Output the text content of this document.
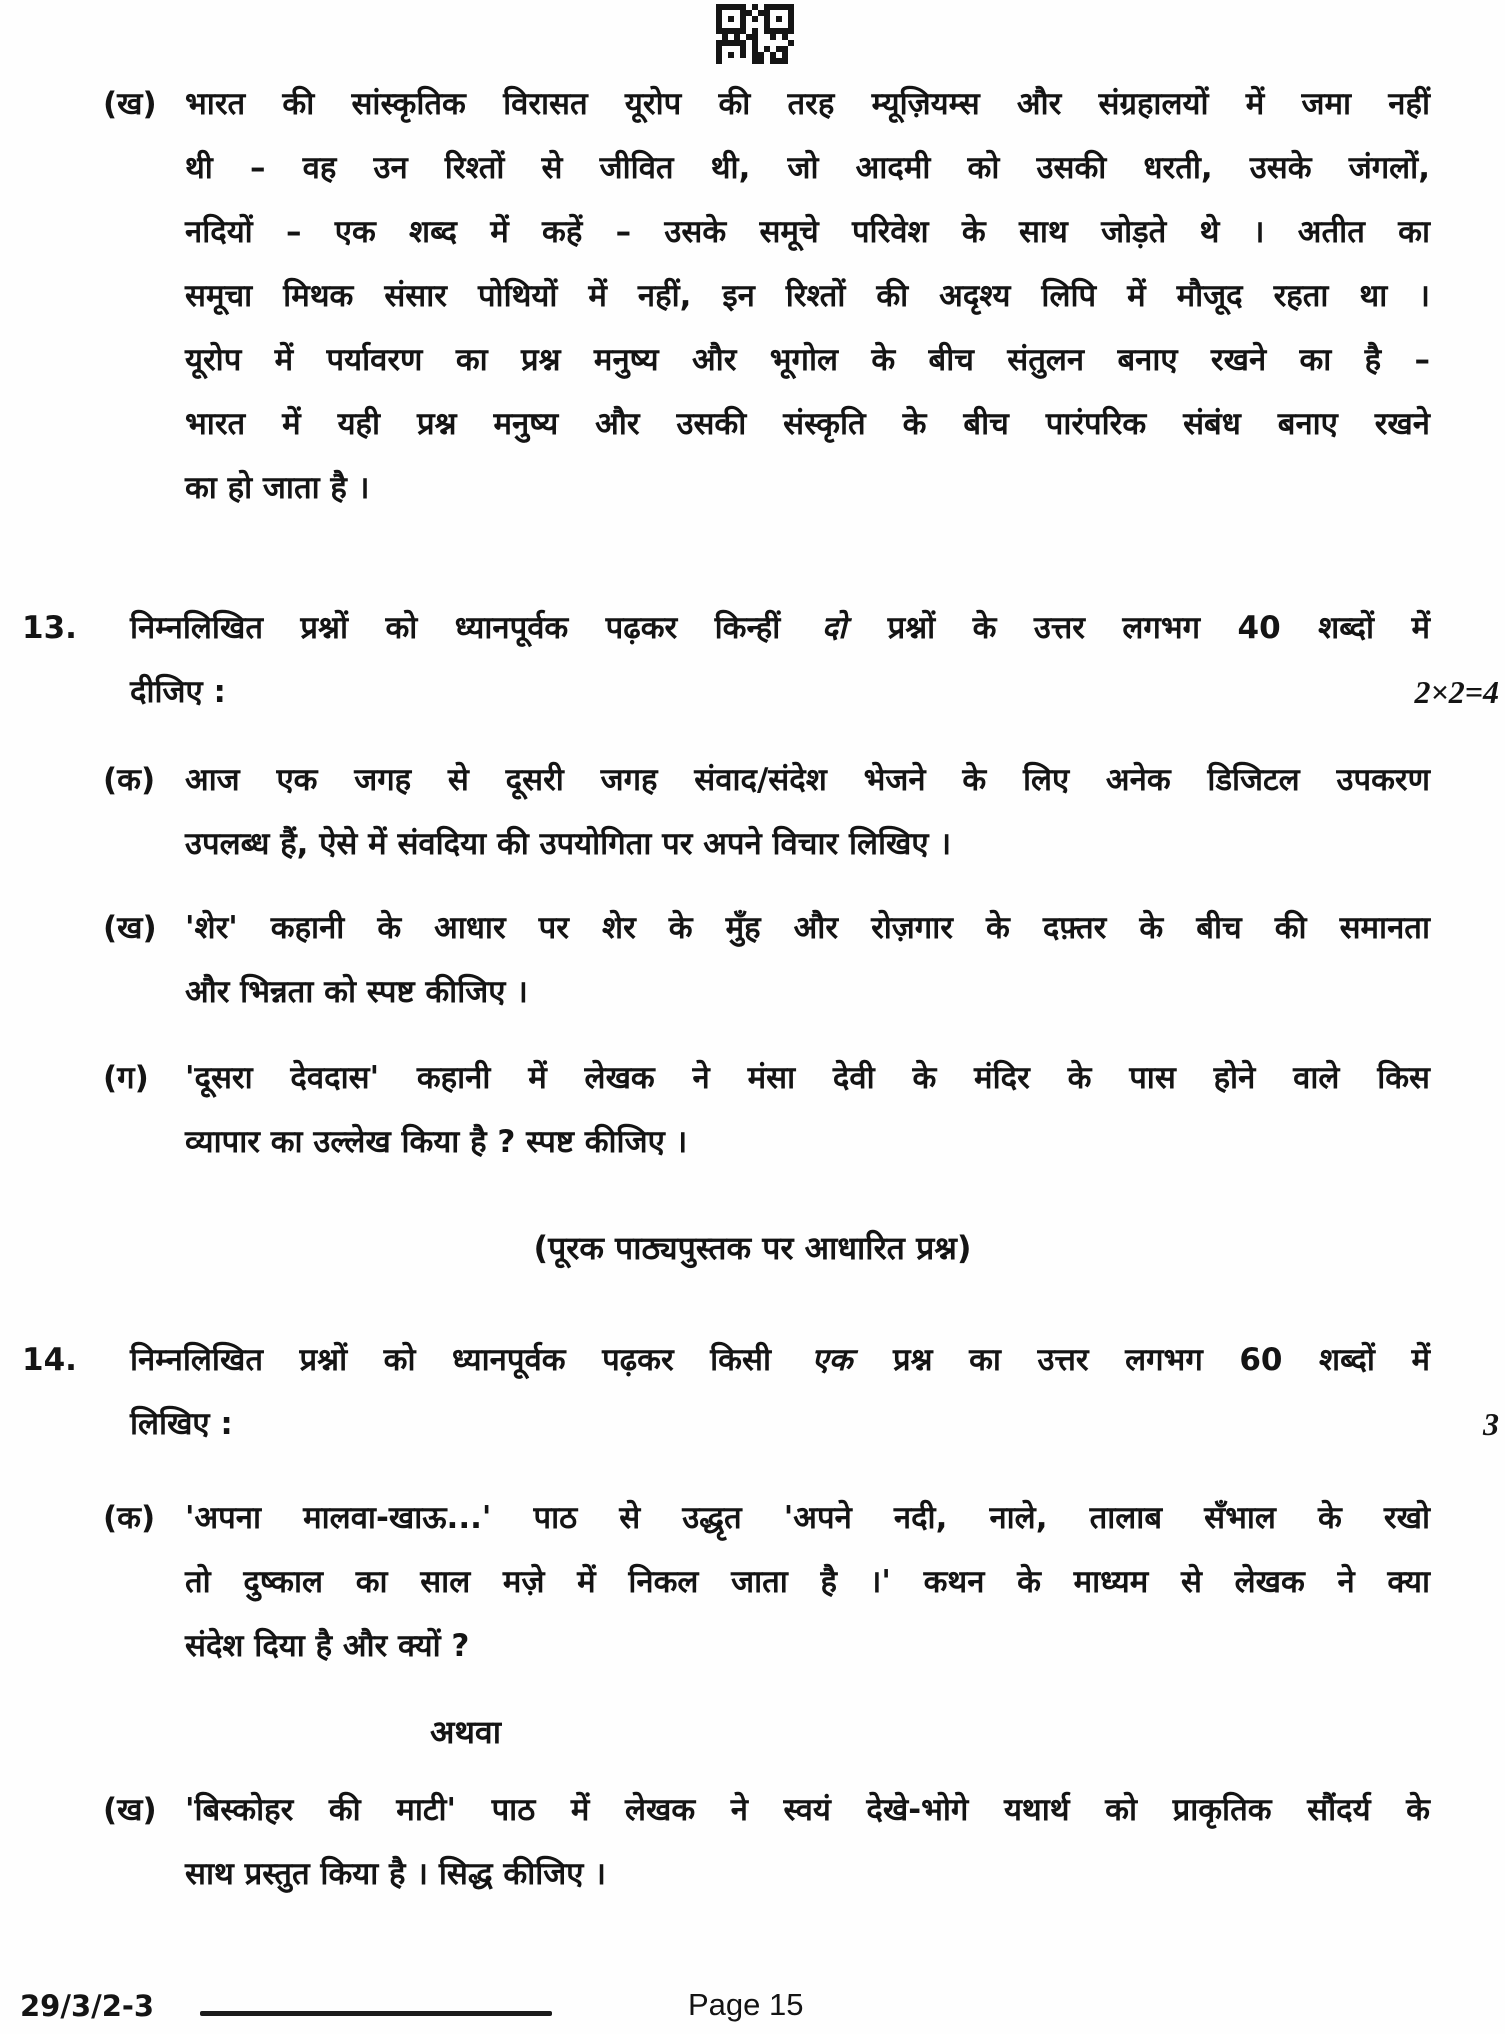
(ख) भारत की सांस्कृतिक विरासत यूरोप की तरह म्यूज़ियम्स और संग्रहालयों में जमा नहीं
थी – वह उन रिश्तों से जीवित थी, जो आदमी को उसकी धरती, उसके जंगलों,
नदियों – एक शब्द में कहें – उसके समूचे परिवेश के साथ जोड़ते थे । अतीत का
समूचा मिथक संसार पोथियों में नहीं, इन रिश्तों की अदृश्य लिपि में मौजूद रहता था ।
यूरोप में पर्यावरण का प्रश्न मनुष्य और भूगोल के बीच संतुलन बनाए रखने का है –
भारत में यही प्रश्न मनुष्य और उसकी संस्कृति के बीच पारंपरिक संबंध बनाए रखने
का हो जाता है ।
13. निम्नलिखित प्रश्नों को ध्यानपूर्वक पढ़कर किन्हीं दो प्रश्नों के उत्तर लगभग 40 शब्दों में
दीजिए :	2×2=4
(क) आज एक जगह से दूसरी जगह संवाद/संदेश भेजने के लिए अनेक डिजिटल उपकरण
उपलब्ध हैं, ऐसे में संवदिया की उपयोगिता पर अपने विचार लिखिए ।
(ख) 'शेर' कहानी के आधार पर शेर के मुँह और रोज़गार के दफ़्तर के बीच की समानता
और भिन्नता को स्पष्ट कीजिए ।
(ग) 'दूसरा देवदास' कहानी में लेखक ने मंसा देवी के मंदिर के पास होने वाले किस
व्यापार का उल्लेख किया है ? स्पष्ट कीजिए ।
(पूरक पाठ्यपुस्तक पर आधारित प्रश्न)
14. निम्नलिखित प्रश्नों को ध्यानपूर्वक पढ़कर किसी एक प्रश्न का उत्तर लगभग 60 शब्दों में
लिखिए :	3
(क) 'अपना मालवा-खाऊ...' पाठ से उद्धृत 'अपने नदी, नाले, तालाब सँभाल के रखो
तो दुष्काल का साल मज़े में निकल जाता है ।' कथन के माध्यम से लेखक ने क्या
संदेश दिया है और क्यों ?
अथवा
(ख) 'बिस्कोहर की माटी' पाठ में लेखक ने स्वयं देखे-भोगे यथार्थ को प्राकृतिक सौंदर्य के
साथ प्रस्तुत किया है । सिद्ध कीजिए ।
29/3/2-3	Page 15
